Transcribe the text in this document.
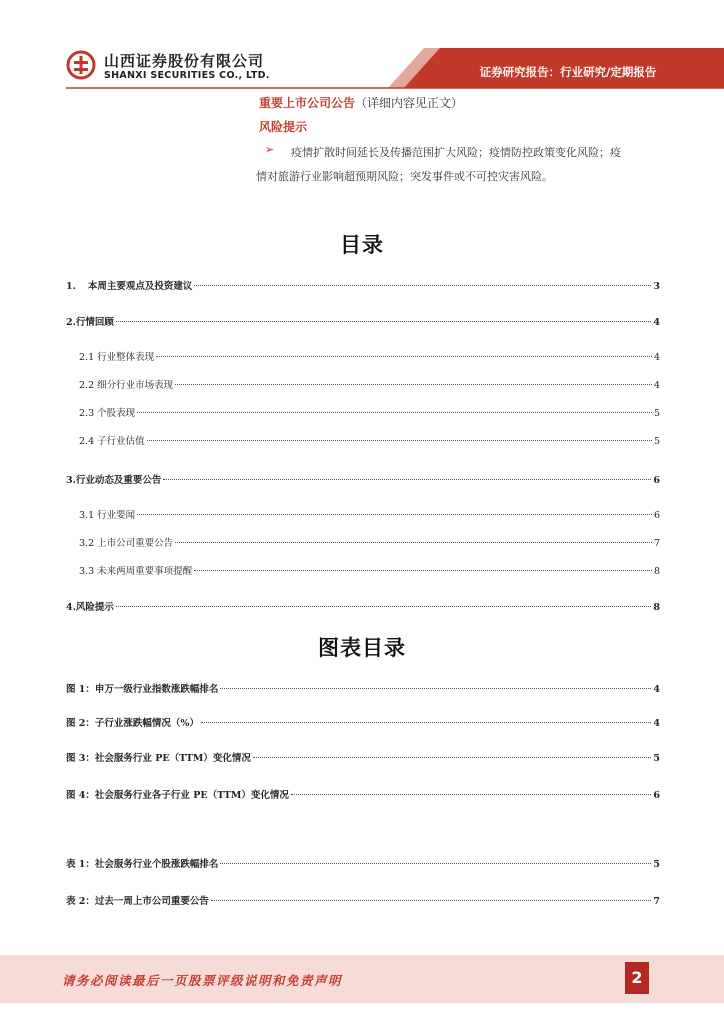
证券研究报告：行业研究/定期报告
山西证券股份有限公司
SHANXI SECURITIES CO., LTD.
重要上市公司公告（详细内容见正文）
风险提示
➢ 疫情扩散时间延长及传播范围扩大风险；疫情防控政策变化风险；疫
情对旅游行业影响超预期风险；突发事件或不可控灾害风险。
目录
1. 本周主要观点及投资建议	3
2.行情回顾	4
2.1 行业整体表现	4
2.2 细分行业市场表现	4
2.3 个股表现	5
2.4 子行业估值	5
3.行业动态及重要公告	6
3.1 行业要闻	6
3.2 上市公司重要公告	7
3.3 未来两周重要事项提醒	8
4.风险提示	8
图表目录
图 1：申万一级行业指数涨跌幅排名	4
图 2：子行业涨跌幅情况（%）	4
图 3：社会服务行业 PE（TTM）变化情况	5
图 4：社会服务行业各子行业 PE（TTM）变化情况	6
表 1：社会服务行业个股涨跌幅排名	5
表 2：过去一周上市公司重要公告	7
请务必阅读最后一页股票评级说明和免责声明	2
